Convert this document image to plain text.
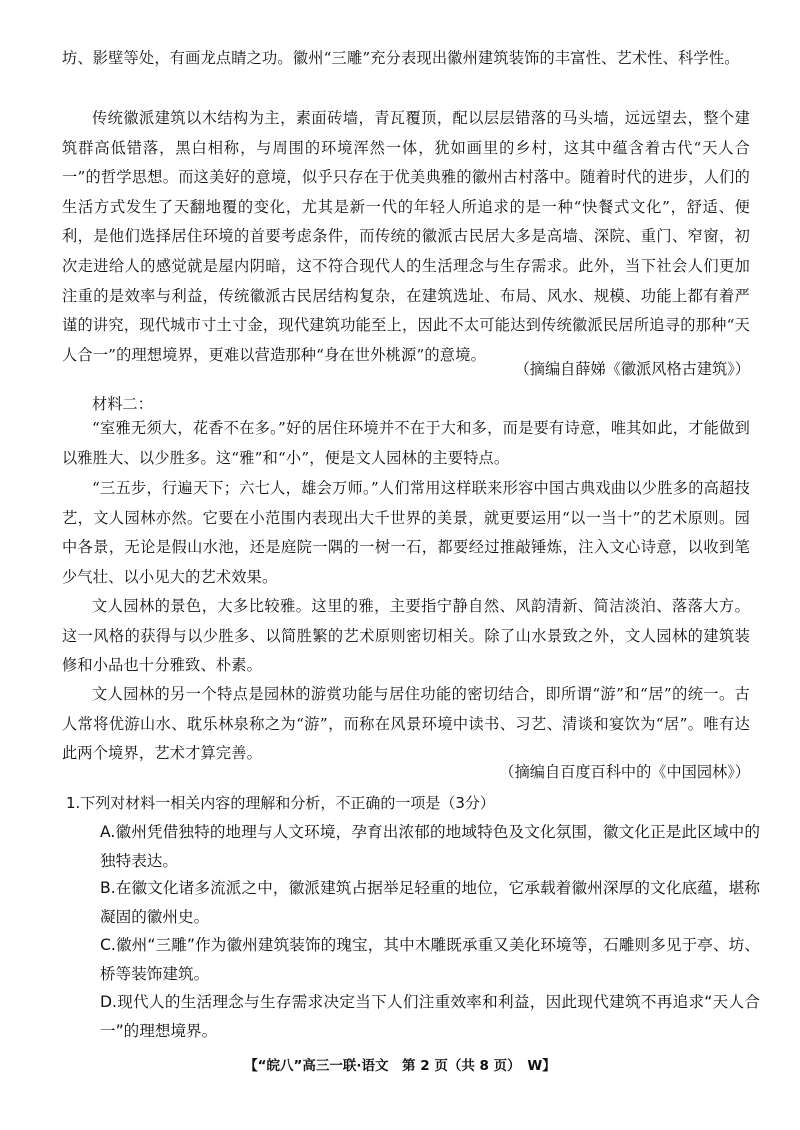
坊、影壁等处，有画龙点睛之功。徽州“三雕”充分表现出徽州建筑装饰的丰富性、艺术性、科学性。

传统徽派建筑以木结构为主，素面砖墙，青瓦覆顶，配以层层错落的马头墙，远远望去，整个建筑群高低错落，黑白相称，与周围的环境浑然一体，犹如画里的乡村，这其中蕴含着古代“天人合一”的哲学思想。而这美好的意境，似乎只存在于优美典雅的徽州古村落中。随着时代的进步，人们的生活方式发生了天翻地覆的变化，尤其是新一代的年轻人所追求的是一种“快餐式文化”，舒适、便利，是他们选择居住环境的首要考虑条件，而传统的徽派古民居大多是高墙、深院、重门、窄窗，初次走进给人的感觉就是屋内阴暗，这不符合现代人的生活理念与生存需求。此外，当下社会人们更加注重的是效率与利益，传统徽派古民居结构复杂，在建筑选址、布局、风水、规模、功能上都有着严谨的讲究，现代城市寸土寸金，现代建筑功能至上，因此不太可能达到传统徽派民居所追寻的那种“天人合一”的理想境界，更难以营造那种“身在世外桃源”的意境。

（摘编自薛娣《徽派风格古建筑》）

材料二：

“室雅无须大，花香不在多。”好的居住环境并不在于大和多，而是要有诗意，唯其如此，才能做到以雅胜大、以少胜多。这“雅”和“小”，便是文人园林的主要特点。

“三五步，行遍天下；六七人，雄会万师。”人们常用这样联来形容中国古典戏曲以少胜多的高超技艺，文人园林亦然。它要在小范围内表现出大千世界的美景，就更要运用“以一当十”的艺术原则。园中各景，无论是假山水池，还是庭院一隅的一树一石，都要经过推敲锤炼，注入文心诗意，以收到笔少气壮、以小见大的艺术效果。

文人园林的景色，大多比较雅。这里的雅，主要指宁静自然、风韵清新、简洁淡泊、落落大方。这一风格的获得与以少胜多、以简胜繁的艺术原则密切相关。除了山水景致之外，文人园林的建筑装修和小品也十分雅致、朴素。

文人园林的另一个特点是园林的游赏功能与居住功能的密切结合，即所谓“游”和“居”的统一。古人常将优游山水、耽乐林泉称之为“游”，而称在风景环境中读书、习艺、清谈和宴饮为“居”。唯有达此两个境界，艺术才算完善。

（摘编自百度百科中的《中国园林》）

1.下列对材料一相关内容的理解和分析，不正确的一项是（3分）

A.徽州凭借独特的地理与人文环境，孕育出浓郁的地域特色及文化氛围，徽文化正是此区域中的独特表达。

B.在徽文化诸多流派之中，徽派建筑占据举足轻重的地位，它承载着徽州深厚的文化底蕴，堪称凝固的徽州史。

C.徽州“三雕”作为徽州建筑装饰的瑰宝，其中木雕既承重又美化环境等，石雕则多见于亭、坊、桥等装饰建筑。

D.现代人的生活理念与生存需求决定当下人们注重效率和利益，因此现代建筑不再追求“天人合一”的理想境界。

【“皖八”高三一联·语文　第 2 页（共 8 页）　W】
